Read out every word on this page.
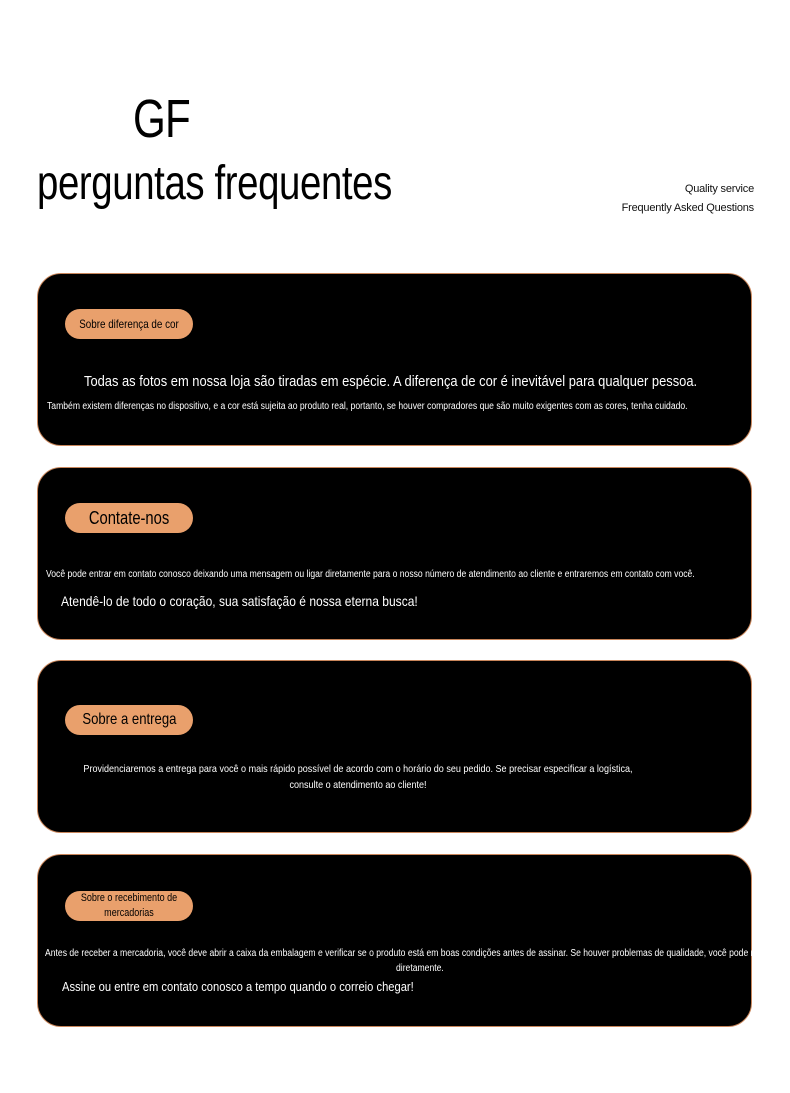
GF
perguntas frequentes	Quality service
Frequently Asked Questions
Sobre diferença de cor
Todas as fotos em nossa loja são tiradas em espécie. A diferença de cor é inevitável para qualquer pessoa.
Também existem diferenças no dispositivo, e a cor está sujeita ao produto real, portanto, se houver compradores que são muito exigentes com as cores, tenha cuidado.
Contate-nos
Você pode entrar em contato conosco deixando uma mensagem ou ligar diretamente para o nosso número de atendimento ao cliente e entraremos em contato com você.
Atendê-lo de todo o coração, sua satisfação é nossa eterna busca!
Sobre a entrega
Providenciaremos a entrega para você o mais rápido possível de acordo com o horário do seu pedido. Se precisar especificar a logística,
consulte o atendimento ao cliente!
Sobre o recebimento de mercadorias
Antes de receber a mercadoria, você deve abrir a caixa da embalagem e verificar se o produto está em boas condições antes de assinar. Se houver problemas de qualidade, você pode recusar
diretamente.
Assine ou entre em contato conosco a tempo quando o correio chegar!
